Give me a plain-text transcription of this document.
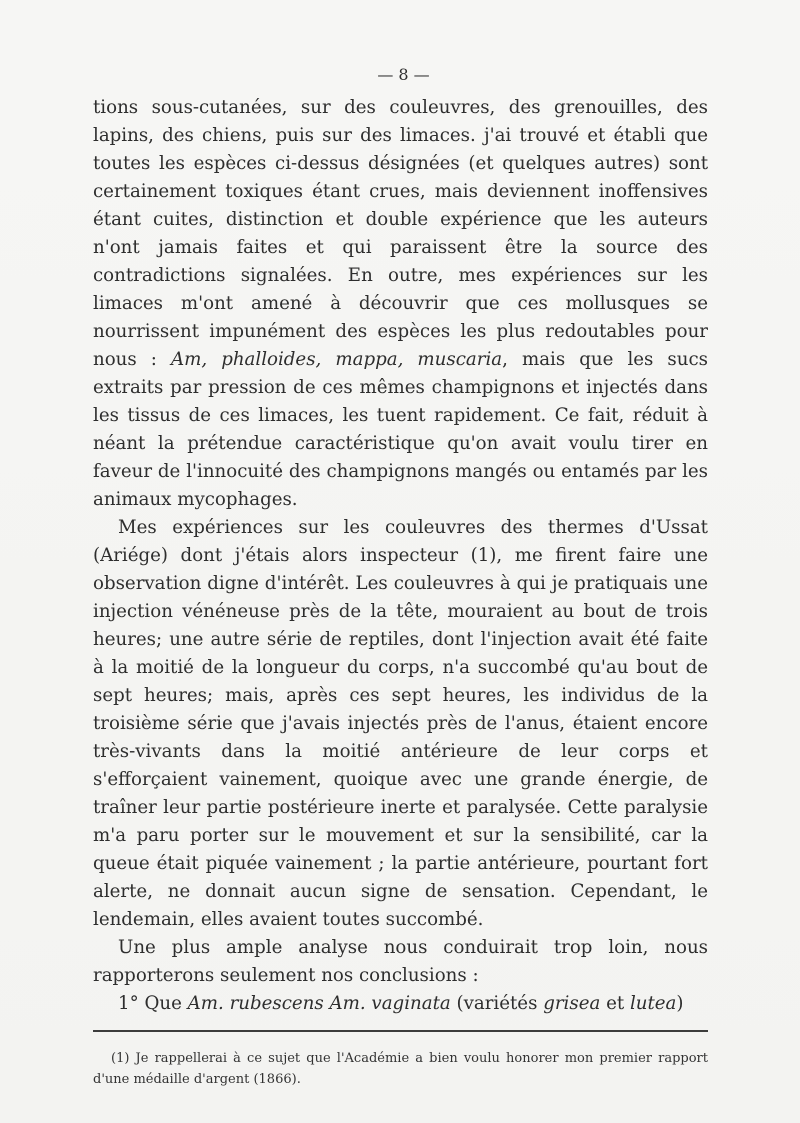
— 8 —

tions sous-cutanées, sur des couleuvres, des grenouilles, des lapins, des chiens, puis sur des limaces. j'ai trouvé et établi que toutes les espèces ci-dessus désignées (et quelques autres) sont certainement toxiques étant crues, mais deviennent inoffensives étant cuites, distinction et double expérience que les auteurs n'ont jamais faites et qui paraissent être la source des contradictions signalées. En outre, mes expériences sur les limaces m'ont amené à découvrir que ces mollusques se nourrissent impunément des espèces les plus redoutables pour nous : Am, phalloides, mappa, muscaria, mais que les sucs extraits par pression de ces mêmes champignons et injectés dans les tissus de ces limaces, les tuent rapidement. Ce fait, réduit à néant la prétendue caractéristique qu'on avait voulu tirer en faveur de l'innocuité des champignons mangés ou entamés par les animaux mycophages.

Mes expériences sur les couleuvres des thermes d'Ussat (Ariége) dont j'étais alors inspecteur (1), me firent faire une observation digne d'intérêt. Les couleuvres à qui je pratiquais une injection vénéneuse près de la tête, mouraient au bout de trois heures; une autre série de reptiles, dont l'injection avait été faite à la moitié de la longueur du corps, n'a succombé qu'au bout de sept heures; mais, après ces sept heures, les individus de la troisième série que j'avais injectés près de l'anus, étaient encore très-vivants dans la moitié antérieure de leur corps et s'efforçaient vainement, quoique avec une grande énergie, de traîner leur partie postérieure inerte et paralysée. Cette paralysie m'a paru porter sur le mouvement et sur la sensibilité, car la queue était piquée vainement ; la partie antérieure, pourtant fort alerte, ne donnait aucun signe de sensation. Cependant, le lendemain, elles avaient toutes succombé.

Une plus ample analyse nous conduirait trop loin, nous rapporterons seulement nos conclusions :

1° Que Am. rubescens Am. vaginata (variétés grisea et lutea)

(1) Je rappellerai à ce sujet que l'Académie a bien voulu honorer mon premier rapport d'une médaille d'argent (1866).
